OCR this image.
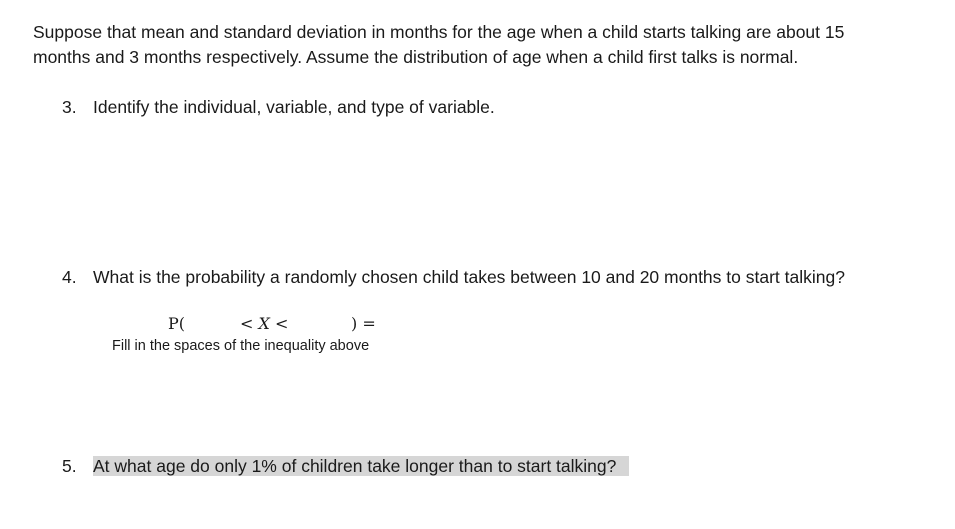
Suppose that mean and standard deviation in months for the age when a child starts talking are about 15
months and 3 months respectively. Assume the distribution of age when a child first talks is normal.
3. Identify the individual, variable, and type of variable.
4. What is the probability a randomly chosen child takes between 10 and 20 months to start talking?
P(	< X <	) =
Fill in the spaces of the inequality above
5. At what age do only 1% of children take longer than to start talking?
